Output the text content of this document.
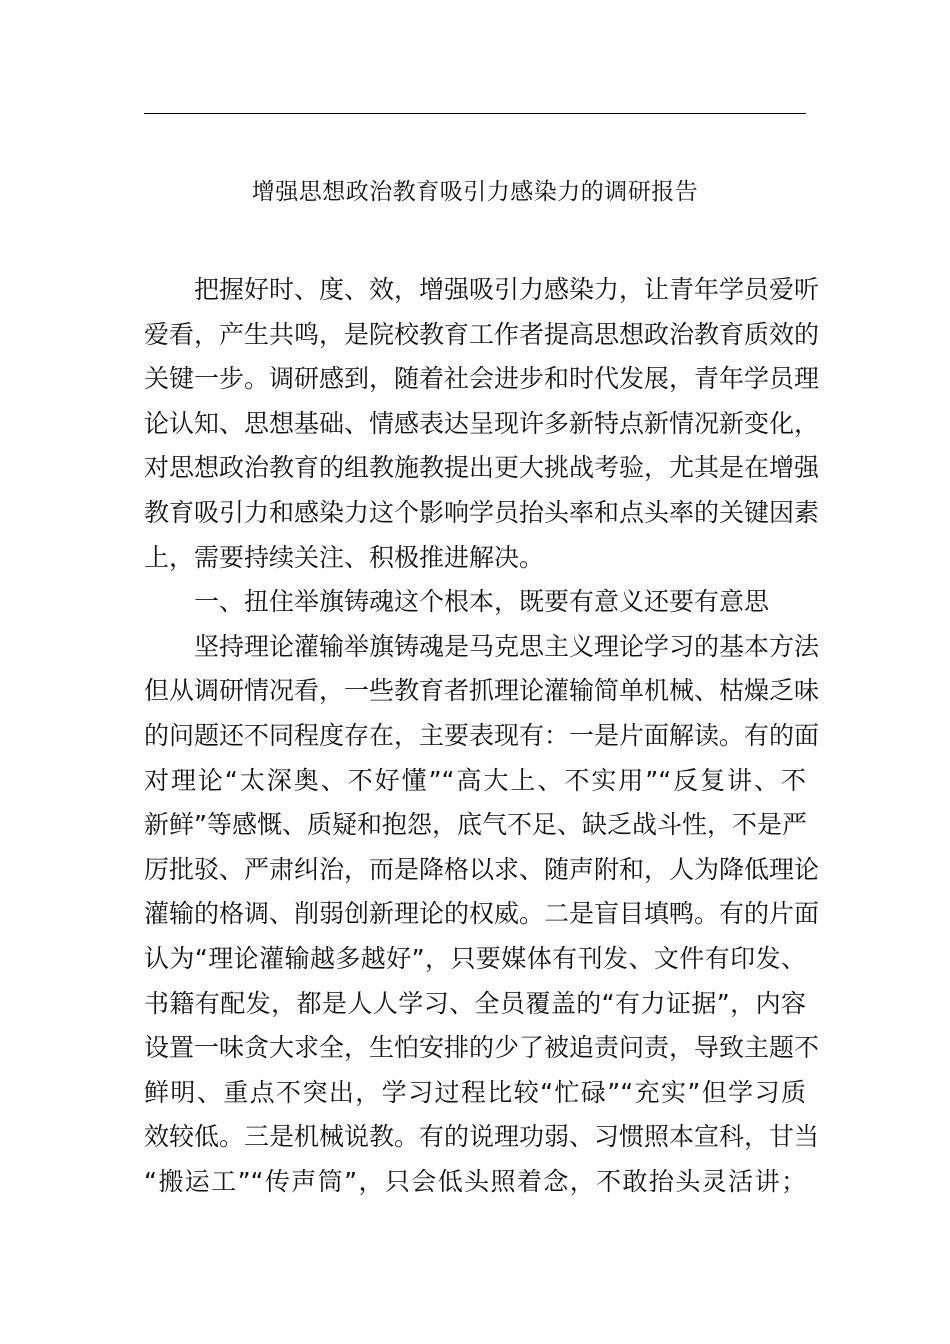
增强思想政治教育吸引力感染力的调研报告
把握好时、度、效，增强吸引力感染力，让青年学员爱听
爱看，产生共鸣，是院校教育工作者提高思想政治教育质效的
关键一步。调研感到，随着社会进步和时代发展，青年学员理
论认知、思想基础、情感表达呈现许多新特点新情况新变化，
对思想政治教育的组教施教提出更大挑战考验，尤其是在增强
教育吸引力和感染力这个影响学员抬头率和点头率的关键因素
上，需要持续关注、积极推进解决。
一、扭住举旗铸魂这个根本，既要有意义还要有意思
坚持理论灌输举旗铸魂是马克思主义理论学习的基本方法
但从调研情况看，一些教育者抓理论灌输简单机械、枯燥乏味
的问题还不同程度存在，主要表现有：一是片面解读。有的面
对理论“太深奥、不好懂”“高大上、不实用”“反复讲、不
新鲜”等感慨、质疑和抱怨，底气不足、缺乏战斗性，不是严
厉批驳、严肃纠治，而是降格以求、随声附和，人为降低理论
灌输的格调、削弱创新理论的权威。二是盲目填鸭。有的片面
认为“理论灌输越多越好”，只要媒体有刊发、文件有印发、
书籍有配发，都是人人学习、全员覆盖的“有力证据”，内容
设置一味贪大求全，生怕安排的少了被追责问责，导致主题不
鲜明、重点不突出，学习过程比较“忙碌”“充实”但学习质
效较低。三是机械说教。有的说理功弱、习惯照本宣科，甘当
“搬运工”“传声筒”，只会低头照着念，不敢抬头灵活讲；
